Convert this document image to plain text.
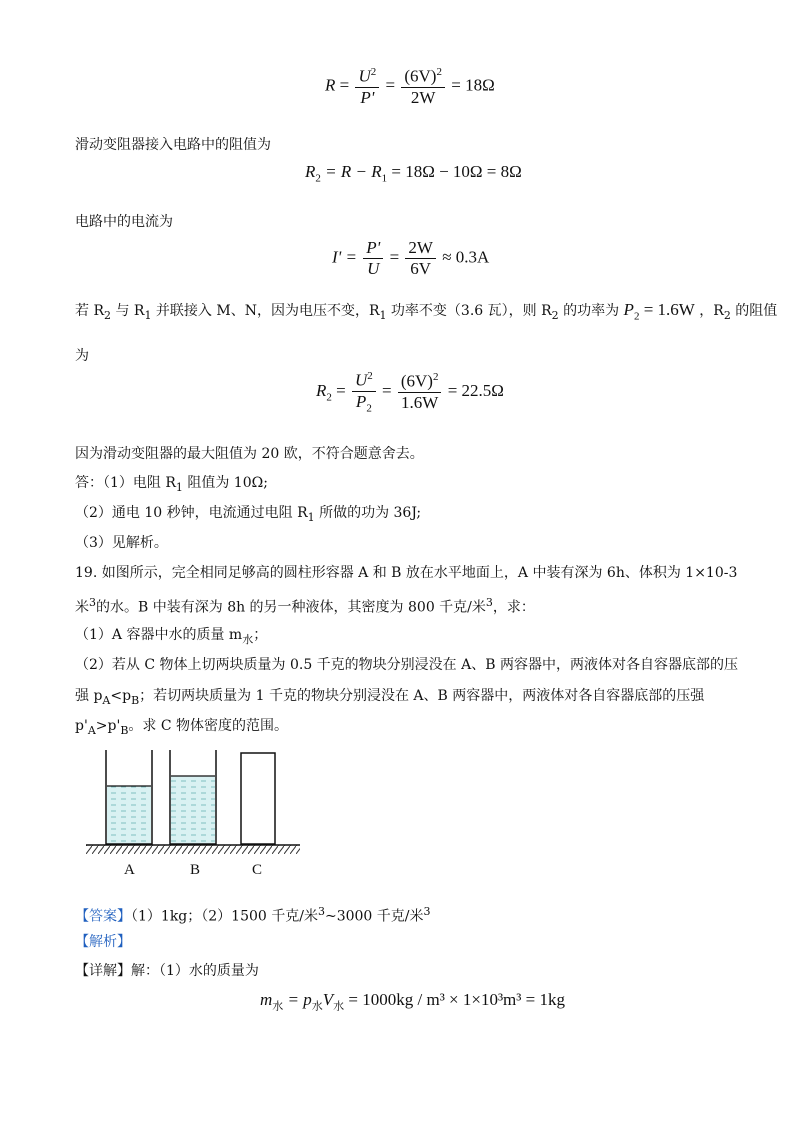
$R = \frac{U^2}{P'} = \frac{(6V)^2}{2W} = 18\Omega$
滑动变阻器接入电路中的阻值为
$R_2 = R - R_1 = 18\Omega - 10\Omega = 8\Omega$
电路中的电流为
$I' = \frac{P'}{U} = \frac{2W}{6V} \approx 0.3A$
若 $R_2$ 与 $R_1$ 并联接入 M、N，因为电压不变，$R_1$ 功率不变（3.6 瓦），则 $R_2$ 的功率为 $P_2 = 1.6W$ ，$R_2$ 的阻值
为
$R_2 = \frac{U^2}{P_2} = \frac{(6V)^2}{1.6W} = 22.5\Omega$
因为滑动变阻器的最大阻值为 20 欧，不符合题意舍去。
答：（1）电阻 $R_1$ 阻值为 10Ω;
（2）通电 10 秒钟，电流通过电阻 $R_1$ 所做的功为 36J;
（3）见解析。
19. 如图所示，完全相同足够高的圆柱形容器 A 和 B 放在水平地面上，A 中装有深为 6h、体积为 1×10-3
米$^3$的水。B 中装有深为 8h 的另一种液体，其密度为 800 千克/米$^3$，求：
（1）A 容器中水的质量 $m_水$；
（2）若从 C 物体上切两块质量为 0.5 千克的物块分别浸没在 A、B 两容器中，两液体对各自容器底部的压
强 $p_A<p_B$；若切两块质量为 1 千克的物块分别浸没在 A、B 两容器中，两液体对各自容器底部的压强
$p'_A>p'_B$。求 C 物体密度的范围。
A	B	C
【答案】（1）1kg；（2）1500 千克/米$^3$~3000 千克/米$^3$
【解析】
【详解】解：（1）水的质量为
$m_水 = p_水V_水 = 1000kg / m^3 \times 1\times 10^3m^3 = 1kg$
